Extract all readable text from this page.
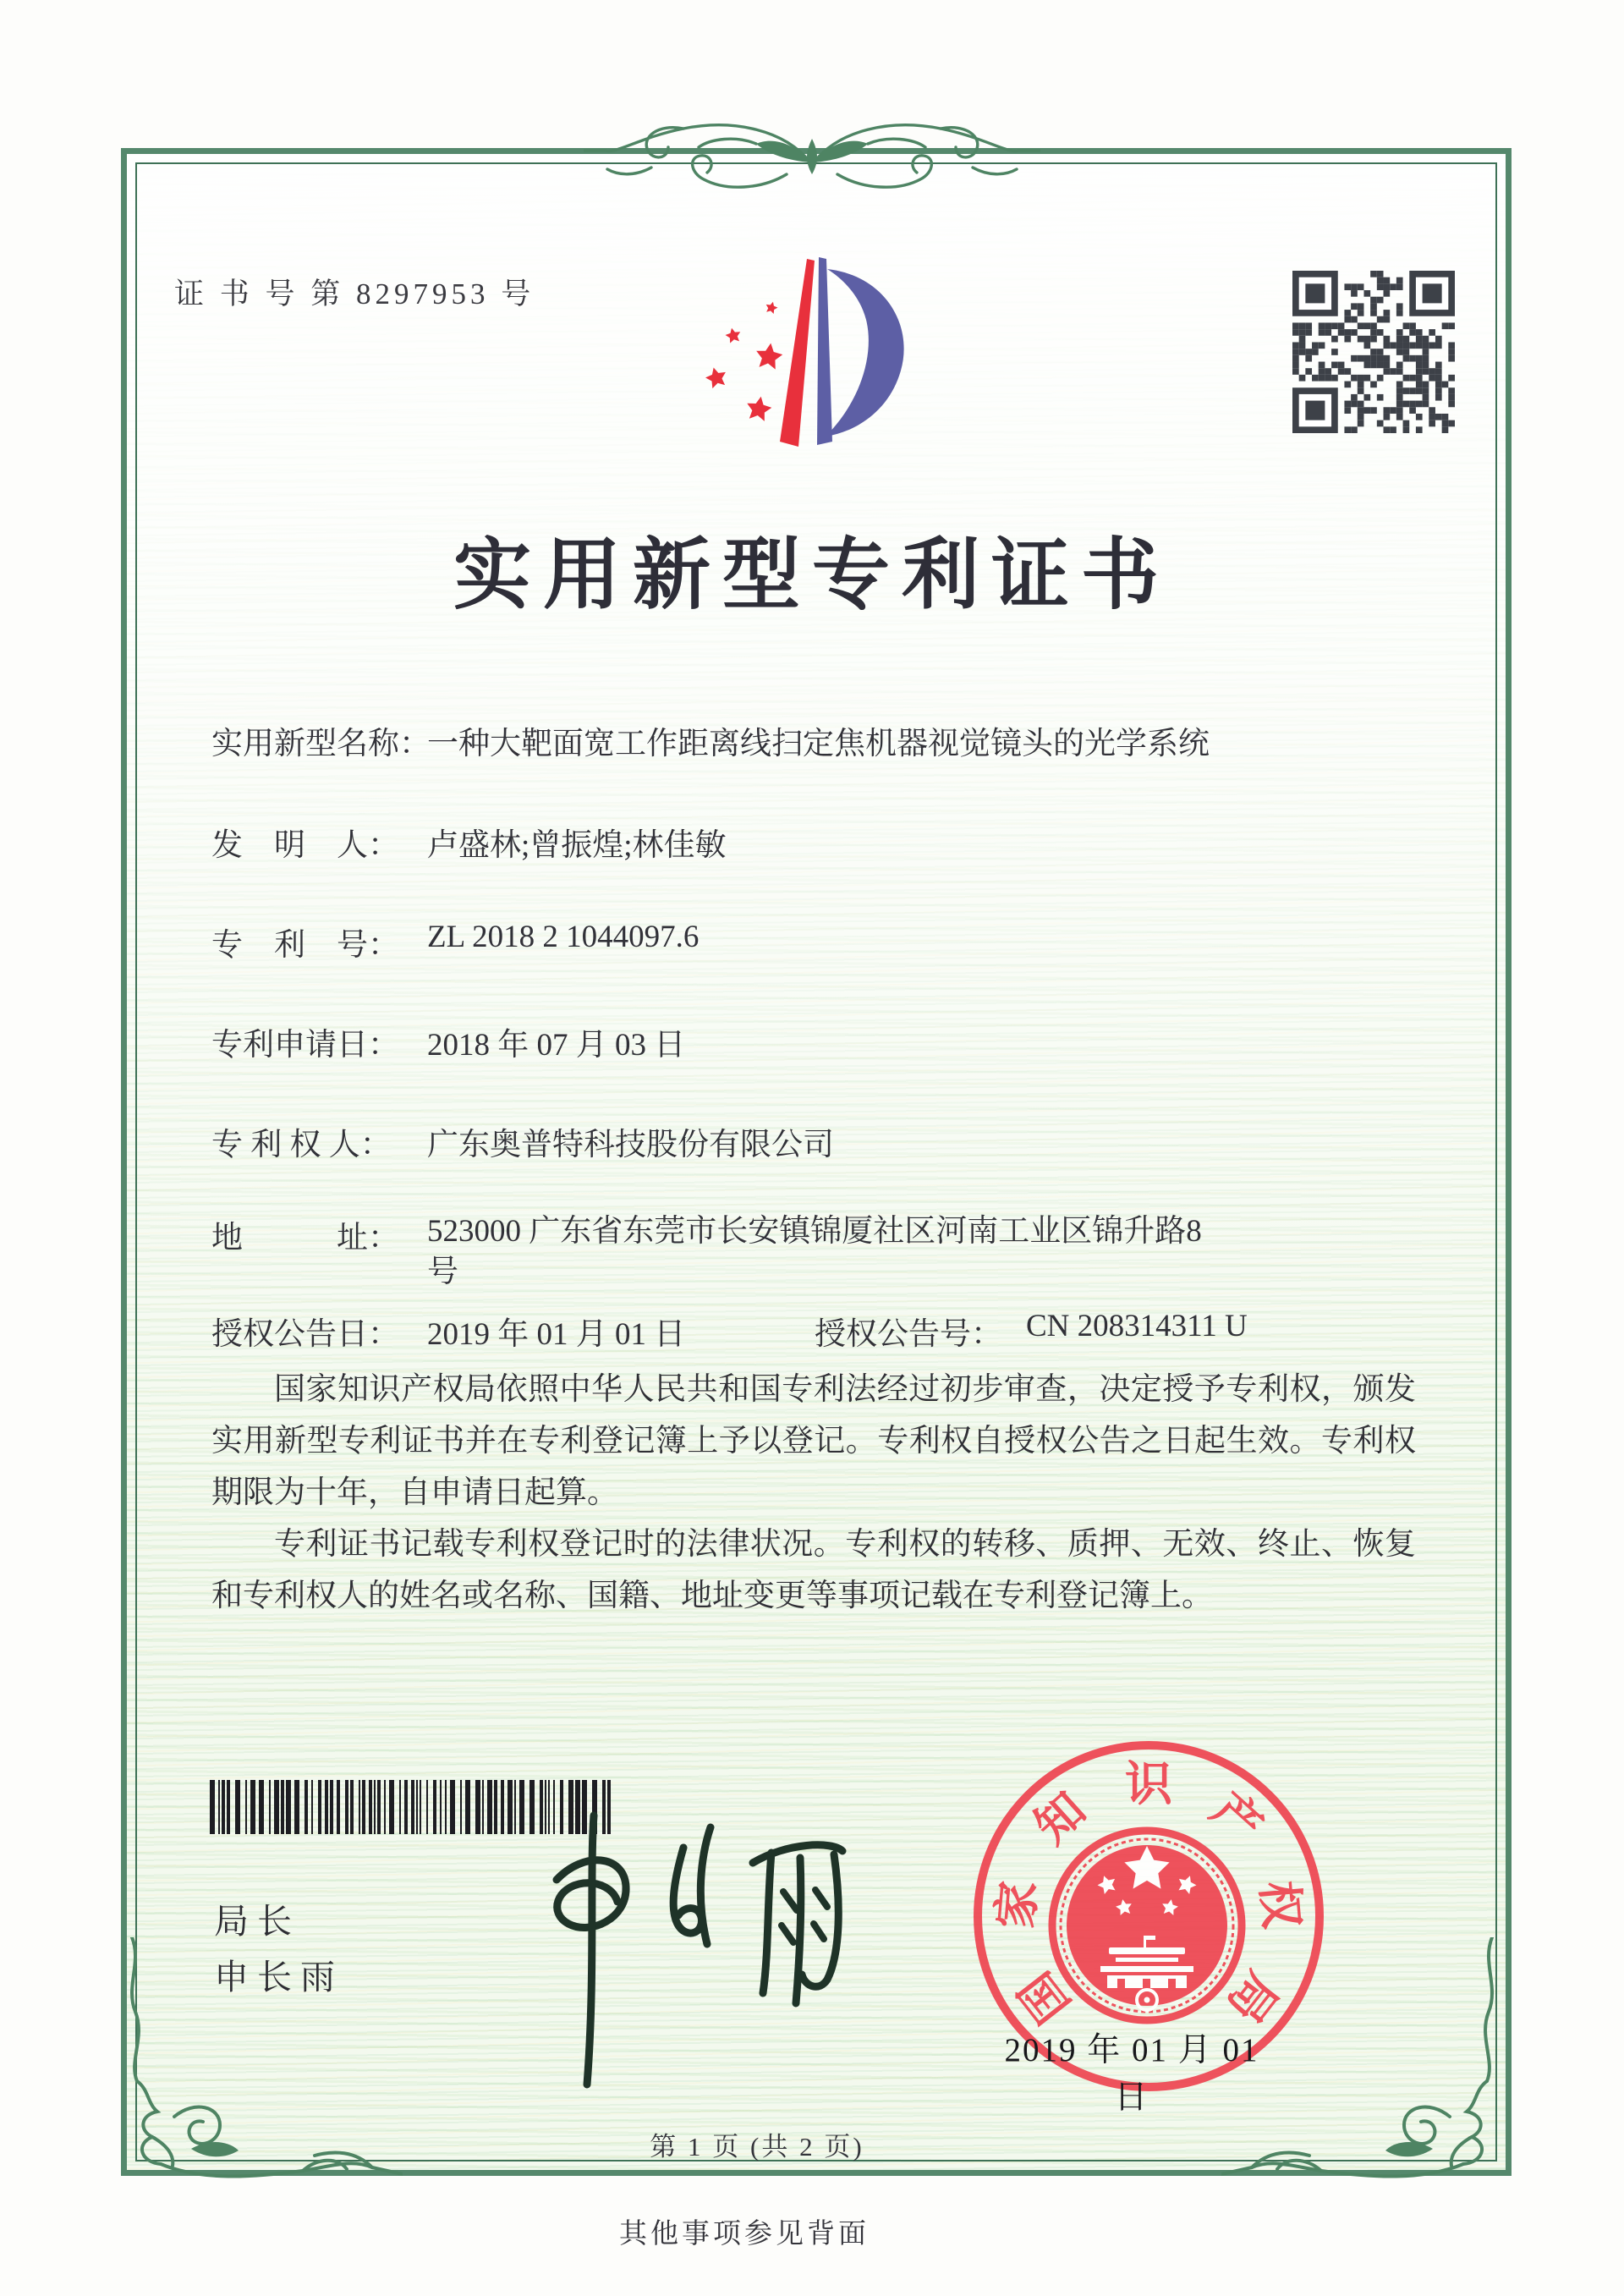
证 书 号 第 8297953 号
实用新型专利证书
实用新型名称：
一种大靶面宽工作距离线扫定焦机器视觉镜头的光学系统
发　明　人： 卢盛林;曾振煌;林佳敏
专　利　号： ZL 2018 2 1044097.6
专利申请日： 2018 年 07 月 03 日
专 利 权 人：	广东奥普特科技股份有限公司
地　　　址： 523000 广东省东莞市长安镇锦厦社区河南工业区锦升路8号
授权公告日： 2019 年 01 月 01 日	授权公告号： CN 208314311 U

国家知识产权局依照中华人民共和国专利法经过初步审查，决定授予专利权，颁发实用新型专利证书并在专利登记簿上予以登记。专利权自授权公告之日起生效。专利权期限为十年，自申请日起算。

专利证书记载专利权登记时的法律状况。专利权的转移、质押、无效、终止、恢复和专利权人的姓名或名称、国籍、地址变更等事项记载在专利登记簿上。

局长
申长雨	国
家
知 识 产
权
局
2019 年 01 月 01 日
第 1 页 (共 2 页)
其他事项参见背面
